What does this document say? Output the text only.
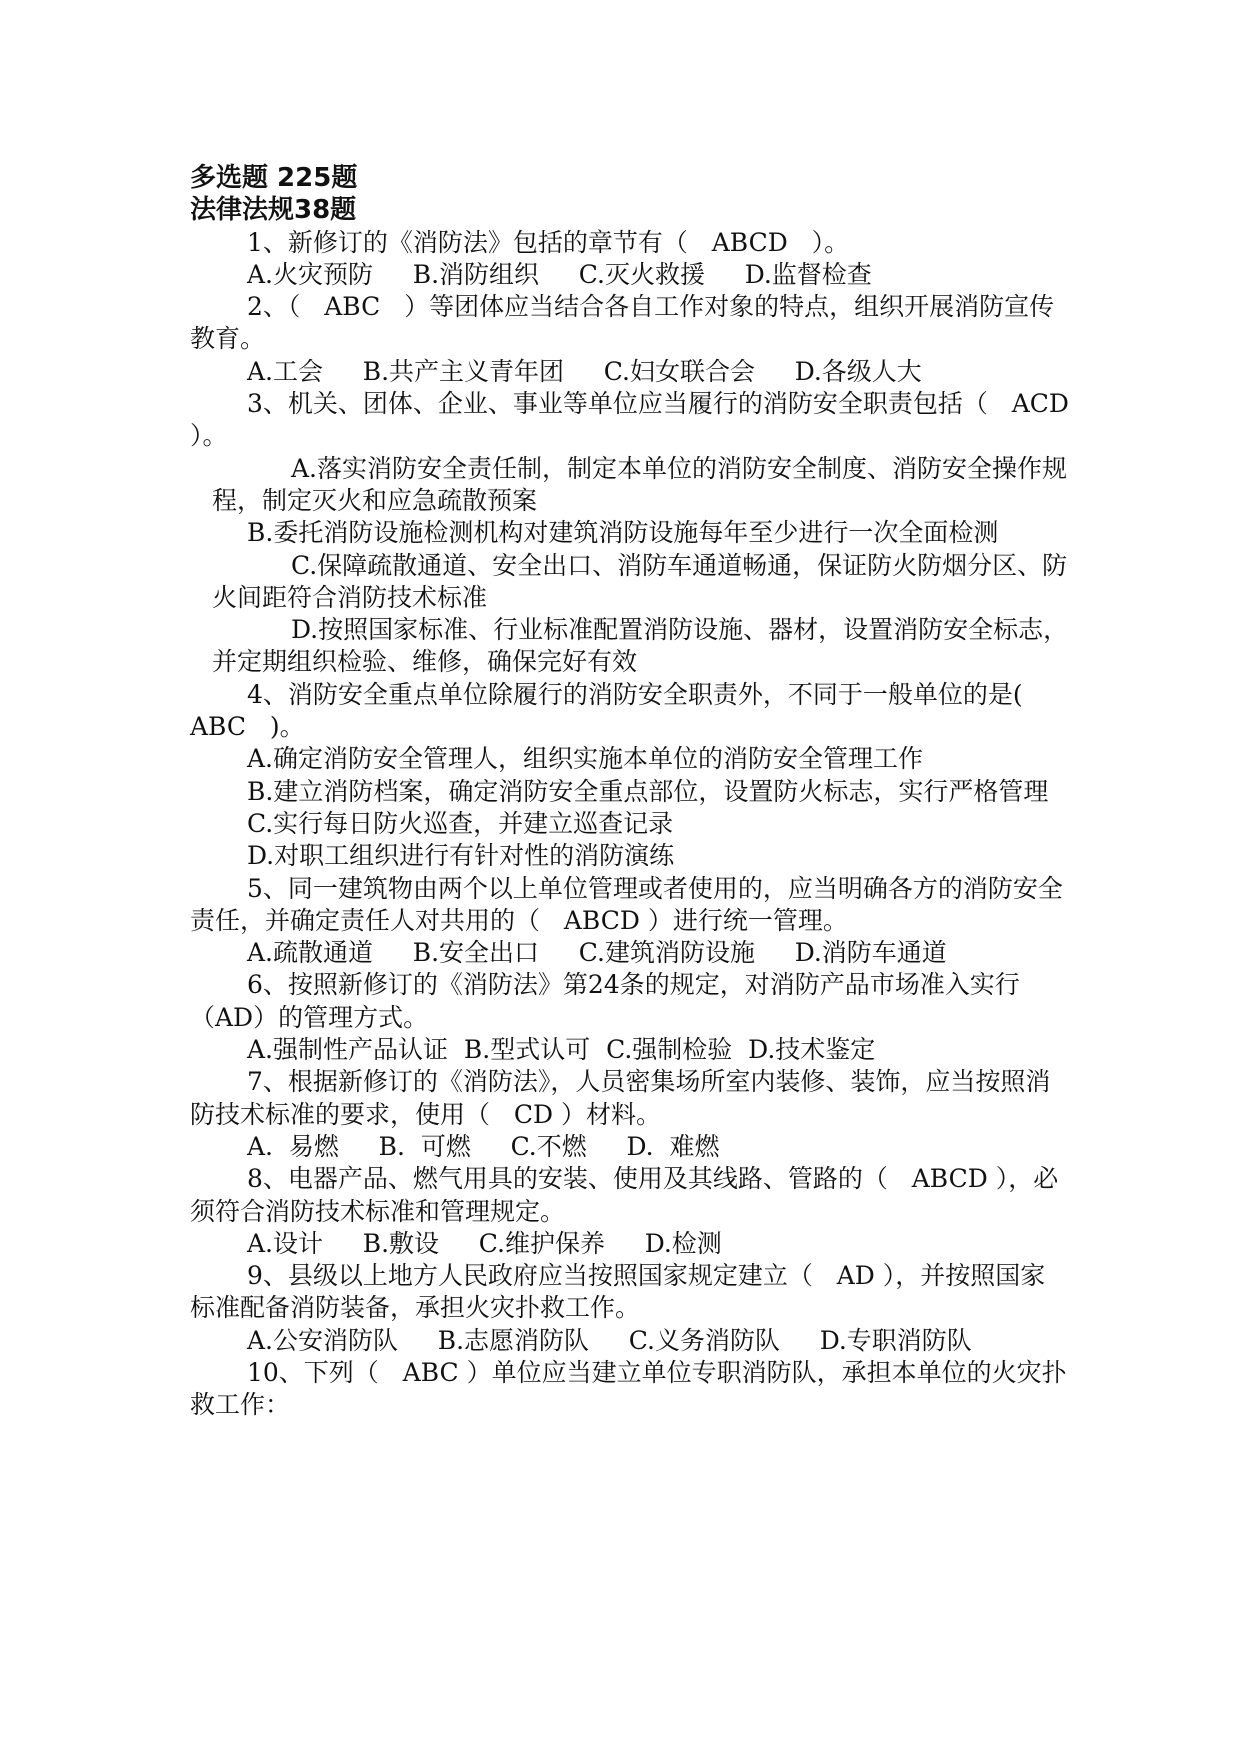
多选题 225题

法律法规38题

1、新修订的《消防法》包括的章节有（   ABCD   ）。

A.火灾预防     B.消防组织     C.灭火救援     D.监督检查

2、（   ABC   ）等团体应当结合各自工作对象的特点，组织开展消防宣传教育。

A.工会     B.共产主义青年团     C.妇女联合会     D.各级人大

3、机关、团体、企业、事业等单位应当履行的消防安全职责包括（   ACD    ）。

A.落实消防安全责任制，制定本单位的消防安全制度、消防安全操作规程，制定灭火和应急疏散预案

B.委托消防设施检测机构对建筑消防设施每年至少进行一次全面检测

C.保障疏散通道、安全出口、消防车通道畅通，保证防火防烟分区、防火间距符合消防技术标准

D.按照国家标准、行业标准配置消防设施、器材，设置消防安全标志，并定期组织检验、维修，确保完好有效

4、消防安全重点单位除履行的消防安全职责外，不同于一般单位的是(   ABC   )。

A.确定消防安全管理人，组织实施本单位的消防安全管理工作

B.建立消防档案，确定消防安全重点部位，设置防火标志，实行严格管理

C.实行每日防火巡查，并建立巡查记录

D.对职工组织进行有针对性的消防演练

5、同一建筑物由两个以上单位管理或者使用的，应当明确各方的消防安全责任，并确定责任人对共用的（   ABCD ）进行统一管理。

A.疏散通道     B.安全出口     C.建筑消防设施     D.消防车通道

6、按照新修订的《消防法》第24条的规定，对消防产品市场准入实行（AD）的管理方式。

A.强制性产品认证  B.型式认可  C.强制检验  D.技术鉴定

7、根据新修订的《消防法》，人员密集场所室内装修、装饰，应当按照消防技术标准的要求，使用（   CD ）材料。

A.  易燃     B.  可燃     C.不燃     D.  难燃

8、电器产品、燃气用具的安装、使用及其线路、管路的（   ABCD ），必须符合消防技术标准和管理规定。

A.设计     B.敷设     C.维护保养     D.检测

9、县级以上地方人民政府应当按照国家规定建立（   AD ），并按照国家标准配备消防装备，承担火灾扑救工作。

A.公安消防队     B.志愿消防队     C.义务消防队     D.专职消防队

10、下列（   ABC ）单位应当建立单位专职消防队，承担本单位的火灾扑救工作：
